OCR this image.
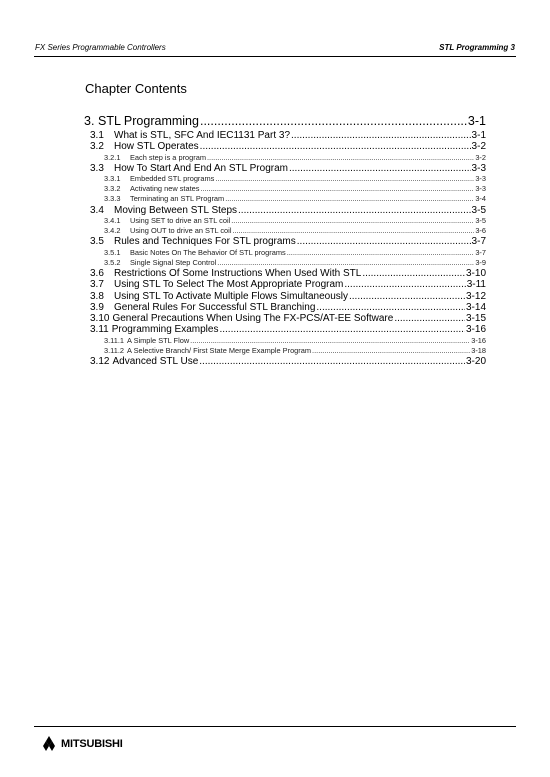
FX Series Programmable Controllers	STL Programming 3
Chapter Contents
3. STL Programming .....	3-1
3.1	What is STL, SFC And IEC1131 Part 3? .....	3-1
3.2	How STL Operates .....	3-2
3.2.1	Each step is a program .....	3-2
3.3	How To Start And End An STL Program .....	3-3
3.3.1	Embedded STL programs .....	3-3
3.3.2	Activating new states .....	3-3
3.3.3	Terminating an STL Program .....	3-4
3.4	Moving Between STL Steps .....	3-5
3.4.1	Using SET to drive an STL coil .....	3-5
3.4.2	Using OUT to drive an STL coil .....	3-6
3.5	Rules and Techniques For STL programs .....	3-7
3.5.1	Basic Notes On The Behavior Of STL programs .....	3-7
3.5.2	Single Signal Step Control .....	3-9
3.6	Restrictions Of Some Instructions When Used With STL .....	3-10
3.7	Using STL To Select The Most Appropriate Program .....	3-11
3.8	Using STL To Activate Multiple Flows Simultaneously .....	3-12
3.9	General Rules For Successful STL Branching .....	3-14
3.10 General Precautions When Using The FX-PCS/AT-EE Software .....	3-15
3.11 Programming Examples .....	3-16
3.11.1 A Simple STL Flow .....	3-16
3.11.2 A Selective Branch/ First State Merge Example Program .....	3-18
3.12 Advanced STL Use .....	3-20
MITSUBISHI
